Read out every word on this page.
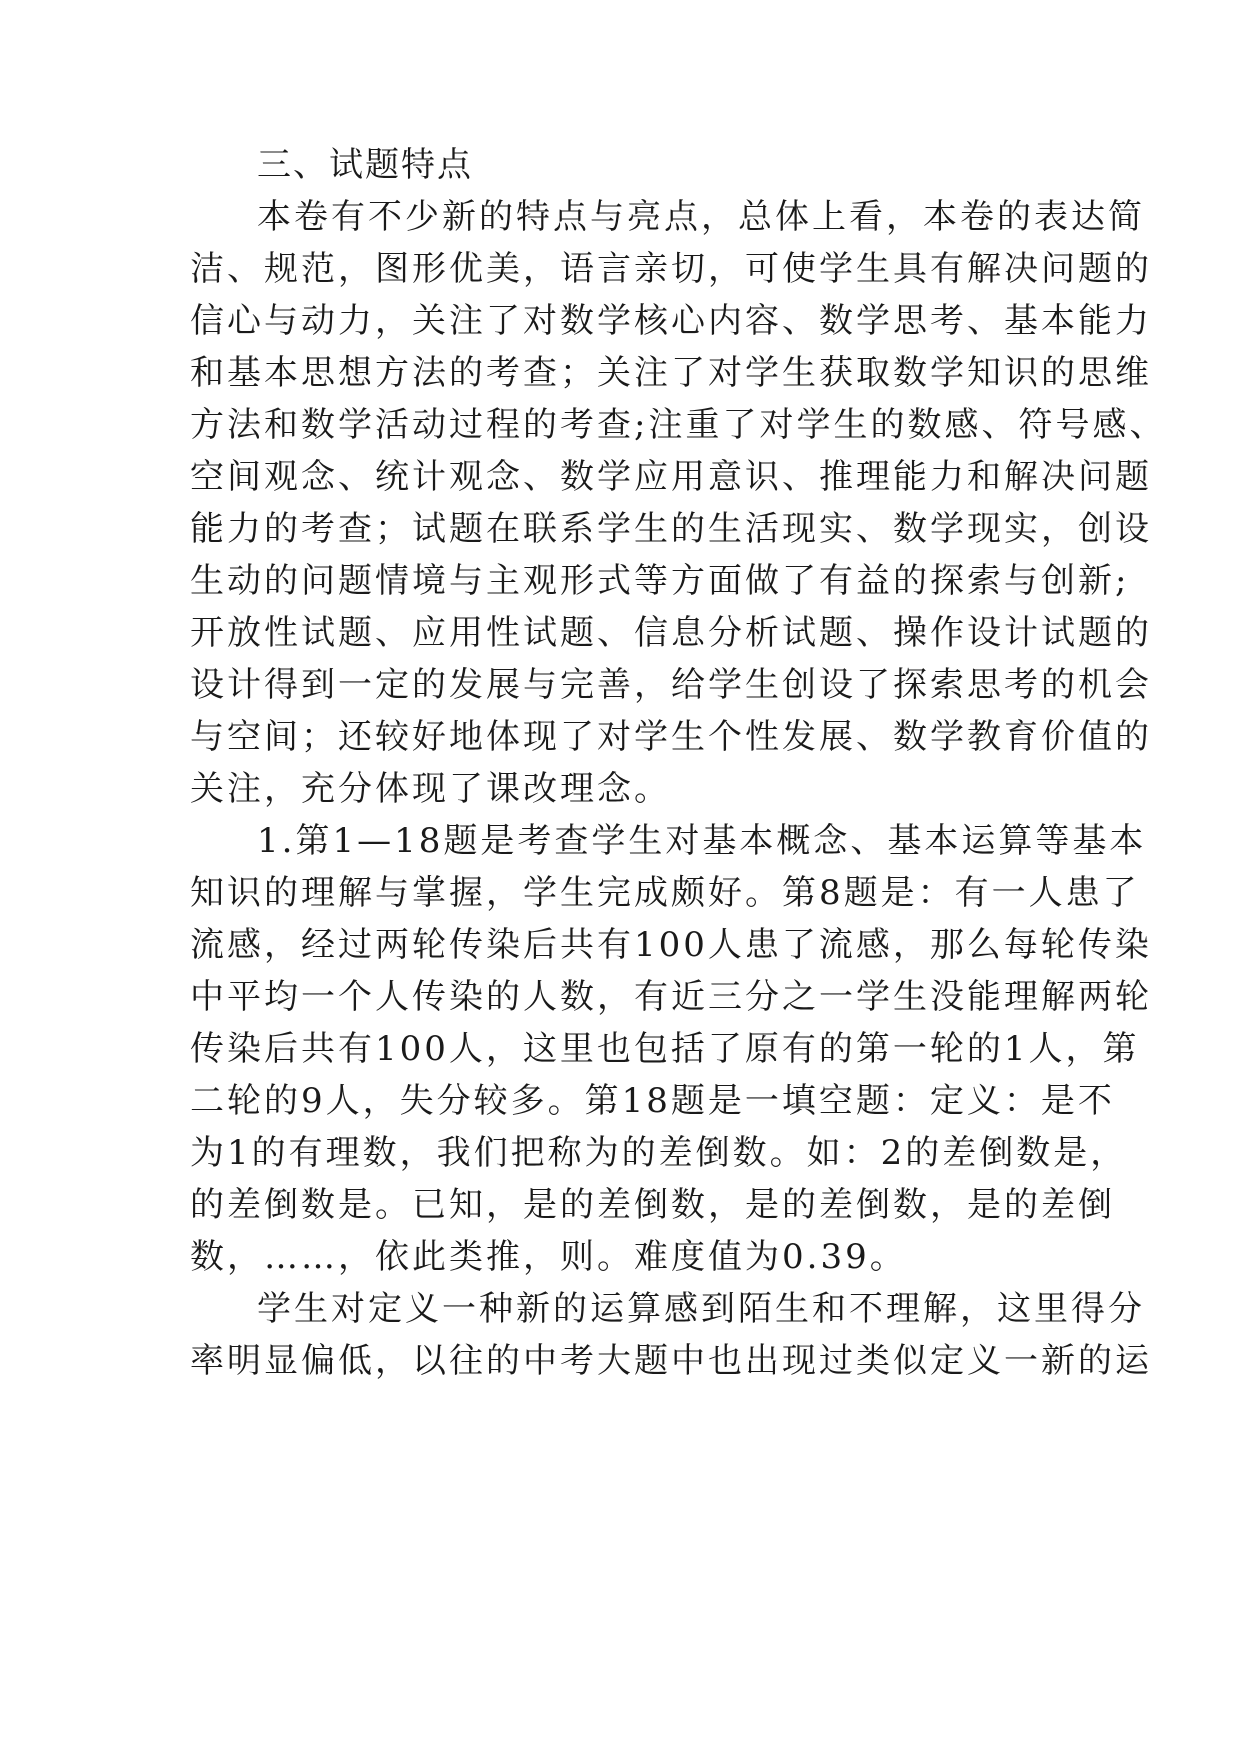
三、试题特点
本卷有不少新的特点与亮点，总体上看，本卷的表达简
洁、规范，图形优美，语言亲切，可使学生具有解决问题的
信心与动力，关注了对数学核心内容、数学思考、基本能力
和基本思想方法的考查；关注了对学生获取数学知识的思维
方法和数学活动过程的考查;注重了对学生的数感、符号感、
空间观念、统计观念、数学应用意识、推理能力和解决问题
能力的考查；试题在联系学生的生活现实、数学现实，创设
生动的问题情境与主观形式等方面做了有益的探索与创新;
开放性试题、应用性试题、信息分析试题、操作设计试题的
设计得到一定的发展与完善，给学生创设了探索思考的机会
与空间；还较好地体现了对学生个性发展、数学教育价值的
关注，充分体现了课改理念。
1.第1—18题是考查学生对基本概念、基本运算等基本
知识的理解与掌握，学生完成颇好。第8题是：有一人患了
流感，经过两轮传染后共有100人患了流感，那么每轮传染
中平均一个人传染的人数，有近三分之一学生没能理解两轮
传染后共有100人，这里也包括了原有的第一轮的1人，第
二轮的9人，失分较多。第18题是一填空题：定义：是不
为1的有理数，我们把称为的差倒数。如：2的差倒数是，
的差倒数是。已知，是的差倒数，是的差倒数，是的差倒
数，……，依此类推，则。难度值为0.39。
学生对定义一种新的运算感到陌生和不理解，这里得分
率明显偏低，以往的中考大题中也出现过类似定义一新的运
